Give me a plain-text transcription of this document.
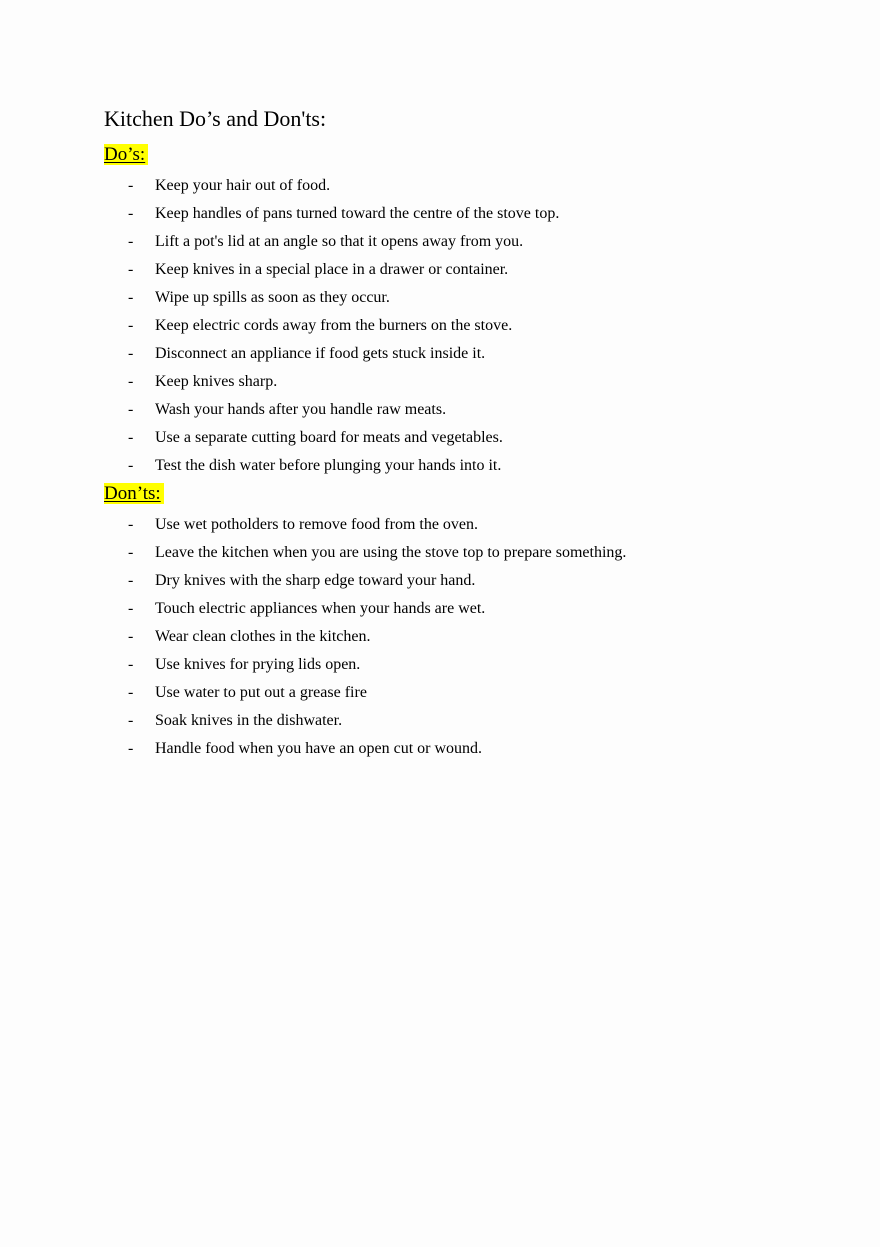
Kitchen Do’s and Don'ts:
Do’s:
- Keep your hair out of food.
- Keep handles of pans turned toward the centre of the stove top.
- Lift a pot's lid at an angle so that it opens away from you.
- Keep knives in a special place in a drawer or container.
- Wipe up spills as soon as they occur.
- Keep electric cords away from the burners on the stove.
- Disconnect an appliance if food gets stuck inside it.
- Keep knives sharp.
- Wash your hands after you handle raw meats.
- Use a separate cutting board for meats and vegetables.
- Test the dish water before plunging your hands into it.
Don’ts:
- Use wet potholders to remove food from the oven.
- Leave the kitchen when you are using the stove top to prepare something.
- Dry knives with the sharp edge toward your hand.
- Touch electric appliances when your hands are wet.
- Wear clean clothes in the kitchen.
- Use knives for prying lids open.
- Use water to put out a grease fire
- Soak knives in the dishwater.
- Handle food when you have an open cut or wound.
